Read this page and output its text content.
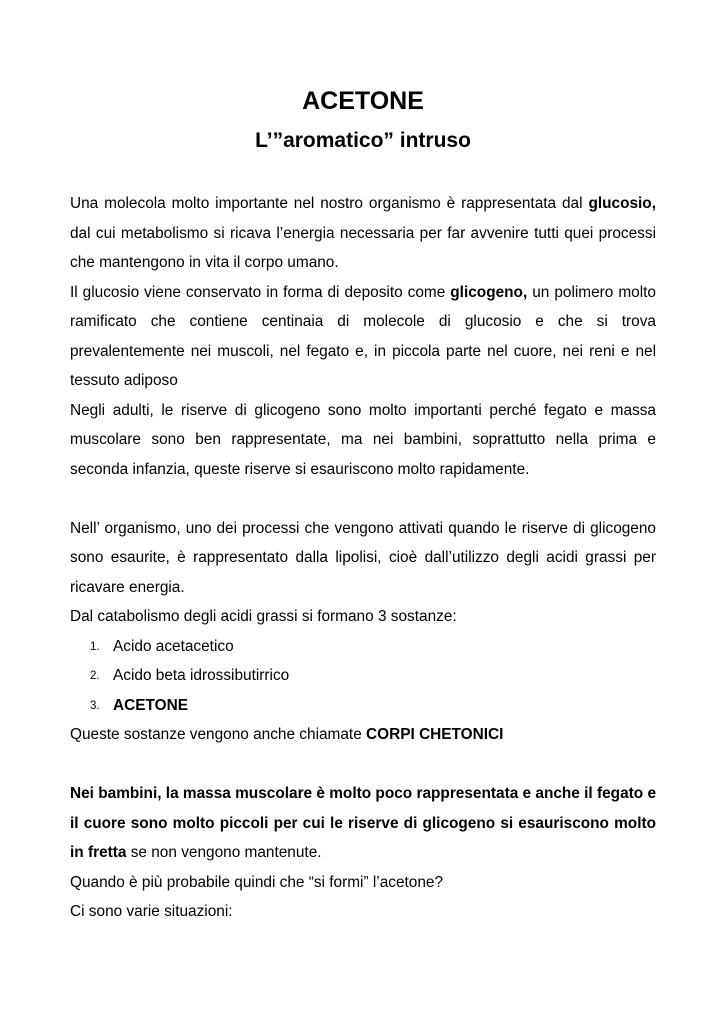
ACETONE
L’”aromatico” intruso

Una molecola molto importante nel nostro organismo è rappresentata dal glucosio, dal cui metabolismo si ricava l’energia necessaria per far avvenire tutti quei processi che mantengono in vita il corpo umano.

Il glucosio viene conservato in forma di deposito come glicogeno, un polimero molto ramificato che contiene centinaia di molecole di glucosio e che si trova prevalentemente nei muscoli, nel fegato e, in piccola parte nel cuore, nei reni e nel tessuto adiposo

Negli adulti, le riserve di glicogeno sono molto importanti perché fegato e massa muscolare sono ben rappresentate, ma nei bambini, soprattutto nella prima e seconda infanzia, queste riserve si esauriscono molto rapidamente.

Nell’ organismo, uno dei processi che vengono attivati quando le riserve di glicogeno sono esaurite, è rappresentato dalla lipolisi, cioè dall’utilizzo degli acidi grassi per ricavare energia.

Dal catabolismo degli acidi grassi si formano 3 sostanze:

1. Acido acetacetico
2. Acido beta idrossibutirrico
3. ACETONE

Queste sostanze vengono anche chiamate CORPI CHETONICI

Nei bambini, la massa muscolare è molto poco rappresentata e anche il fegato e il cuore sono molto piccoli per cui le riserve di glicogeno si esauriscono molto in fretta se non vengono mantenute.

Quando è più probabile quindi che “si formi” l’acetone?

Ci sono varie situazioni:
